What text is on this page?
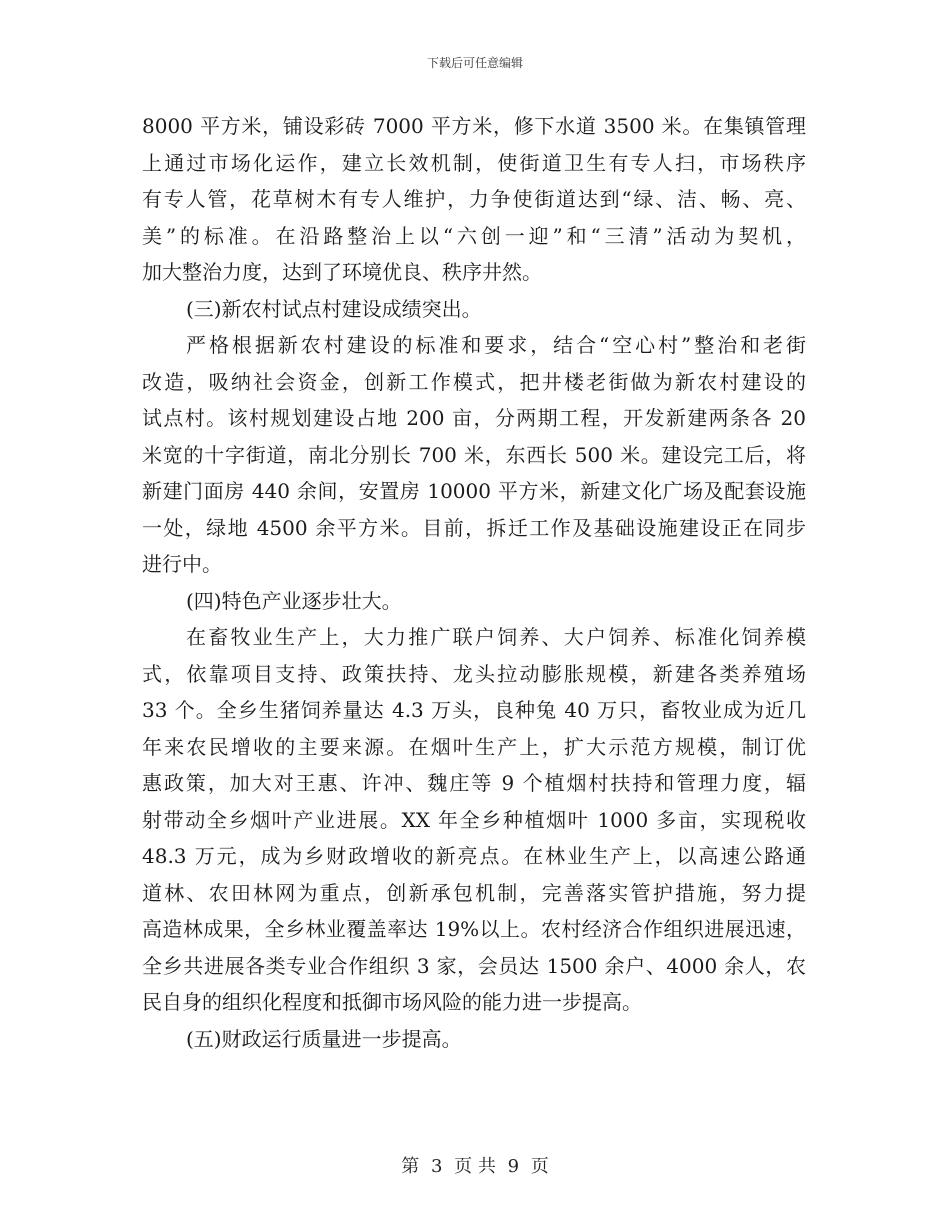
下载后可任意编辑
8000 平方米，铺设彩砖 7000 平方米，修下水道 3500 米。在集镇管理
上通过市场化运作，建立长效机制，使街道卫生有专人扫，市场秩序
有专人管，花草树木有专人维护，力争使街道达到“绿、洁、畅、亮、
美”的标准。在沿路整治上以“六创一迎”和“三清”活动为契机，
加大整治力度，达到了环境优良、秩序井然。
(三)新农村试点村建设成绩突出。
严格根据新农村建设的标准和要求，结合“空心村”整治和老街
改造，吸纳社会资金，创新工作模式，把井楼老街做为新农村建设的
试点村。该村规划建设占地 200 亩，分两期工程，开发新建两条各 20
米宽的十字街道，南北分别长 700 米，东西长 500 米。建设完工后，将
新建门面房 440 余间，安置房 10000 平方米，新建文化广场及配套设施
一处，绿地 4500 余平方米。目前，拆迁工作及基础设施建设正在同步
进行中。
(四)特色产业逐步壮大。
在畜牧业生产上，大力推广联户饲养、大户饲养、标准化饲养模
式，依靠项目支持、政策扶持、龙头拉动膨胀规模，新建各类养殖场
33 个。全乡生猪饲养量达 4.3 万头，良种兔 40 万只，畜牧业成为近几
年来农民增收的主要来源。在烟叶生产上，扩大示范方规模，制订优
惠政策，加大对王惠、许冲、魏庄等 9 个植烟村扶持和管理力度，辐
射带动全乡烟叶产业进展。XX 年全乡种植烟叶 1000 多亩，实现税收
48.3 万元，成为乡财政增收的新亮点。在林业生产上，以高速公路通
道林、农田林网为重点，创新承包机制，完善落实管护措施，努力提
高造林成果，全乡林业覆盖率达 19%以上。农村经济合作组织进展迅速，
全乡共进展各类专业合作组织 3 家，会员达 1500 余户、4000 余人，农
民自身的组织化程度和抵御市场风险的能力进一步提高。
(五)财政运行质量进一步提高。
第 3 页 共 9 页
